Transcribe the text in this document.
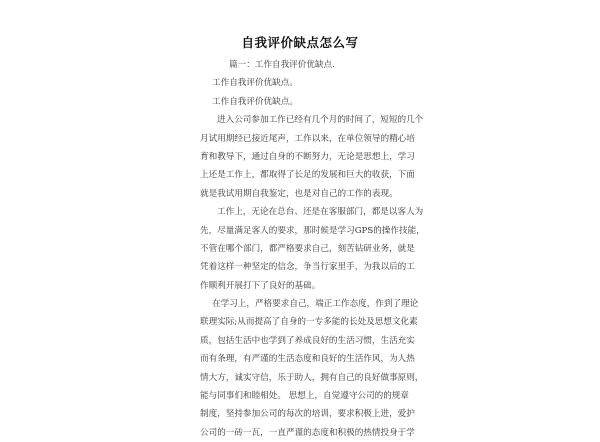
自我评价缺点怎么写
篇一：工作自我评价优缺点.
工作自我评价优缺点。
工作自我评价优缺点。
进入公司参加工作已经有几个月的时间了，短短的几个
月试用期经已接近尾声，工作以来，在单位领导的精心培
育和教导下，通过自身的不断努力，无论是思想上，学习
上还是工作上，都取得了长足的发展和巨大的收获，下面
就是我试用期自我鉴定，也是对自己的工作的表现。
工作上，无论在总台、还是在客服部门，都是以客人为
先，尽量满足客人的要求，那时候是学习GPS的操作技能，
不管在哪个部门，都严格要求自己，刻苦钻研业务，就是
凭着这样一种坚定的信念，争当行家里手，为我以后的工
作顺利开展打下了良好的基础。
在学习上，严格要求自己，端正工作态度，作到了理论
联理实际;从而提高了自身的一专多能的长处及思想文化素
质，包括生活中也学到了养成良好的生活习惯，生活充实
而有条理，有严谨的生活态度和良好的生活作风，为人热
情大方，诚实守信，乐于助人，拥有自己的良好做事原则，
能与同事们和睦相处。 思想上，自觉遵守公司的的规章
制度，坚持参加公司的每次的培训，要求积极上进，爱护
公司的一砖一瓦，一直严谨的态度和积极的热情投身于学
